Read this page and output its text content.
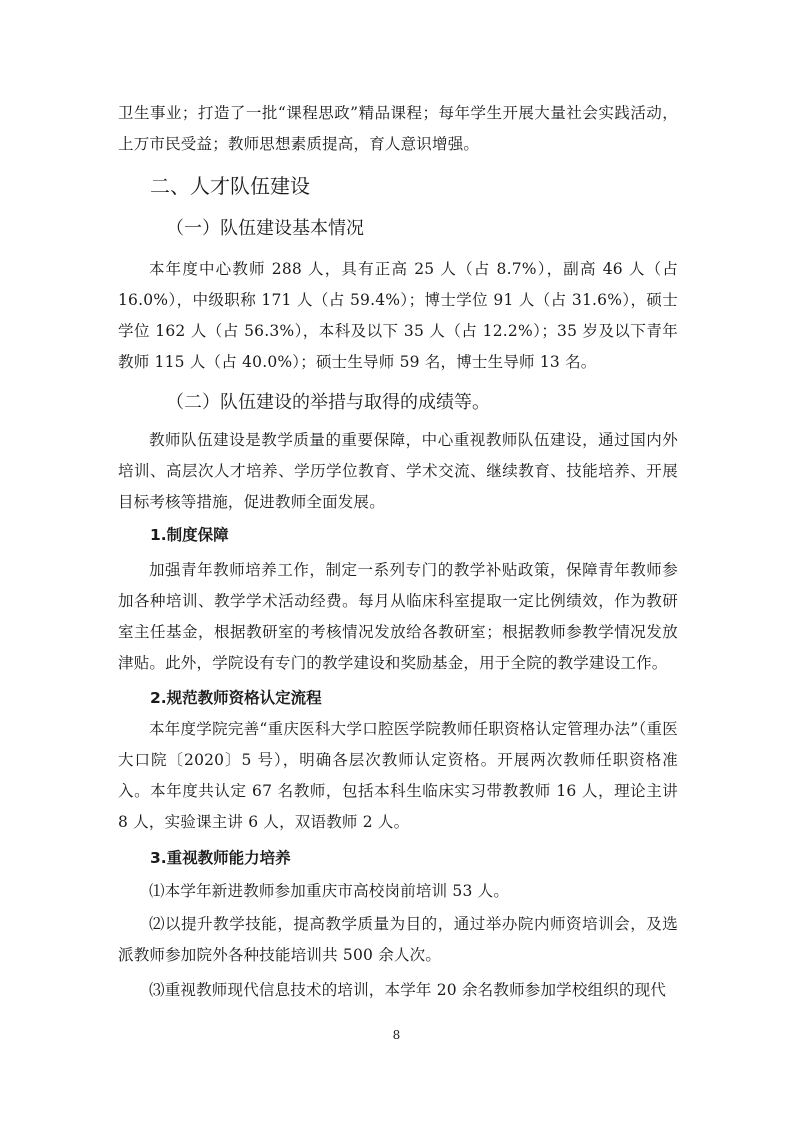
卫生事业；打造了一批“课程思政”精品课程；每年学生开展大量社会实践活动，上万市民受益；教师思想素质提高，育人意识增强。

二、人才队伍建设
（一）队伍建设基本情况

本年度中心教师 288 人，具有正高 25 人（占 8.7%），副高 46 人（占 16.0%），中级职称 171 人（占 59.4%）；博士学位 91 人（占 31.6%），硕士学位 162 人（占 56.3%），本科及以下 35 人（占 12.2%）；35 岁及以下青年教师 115 人（占 40.0%）；硕士生导师 59 名，博士生导师 13 名。

（二）队伍建设的举措与取得的成绩等。

教师队伍建设是教学质量的重要保障，中心重视教师队伍建设，通过国内外培训、高层次人才培养、学历学位教育、学术交流、继续教育、技能培养、开展目标考核等措施，促进教师全面发展。

1.制度保障

加强青年教师培养工作，制定一系列专门的教学补贴政策，保障青年教师参加各种培训、教学学术活动经费。每月从临床科室提取一定比例绩效，作为教研室主任基金，根据教研室的考核情况发放给各教研室；根据教师参教学情况发放津贴。此外，学院设有专门的教学建设和奖励基金，用于全院的教学建设工作。

2.规范教师资格认定流程

本年度学院完善“重庆医科大学口腔医学院教师任职资格认定管理办法”（重医大口院〔2020〕5 号），明确各层次教师认定资格。开展两次教师任职资格准入。本年度共认定 67 名教师，包括本科生临床实习带教教师 16 人，理论主讲 8 人，实验课主讲 6 人，双语教师 2 人。

3.重视教师能力培养

⑴本学年新进教师参加重庆市高校岗前培训 53 人。

⑵以提升教学技能，提高教学质量为目的，通过举办院内师资培训会，及选派教师参加院外各种技能培训共 500 余人次。

⑶重视教师现代信息技术的培训，本学年 20 余名教师参加学校组织的现代

8
